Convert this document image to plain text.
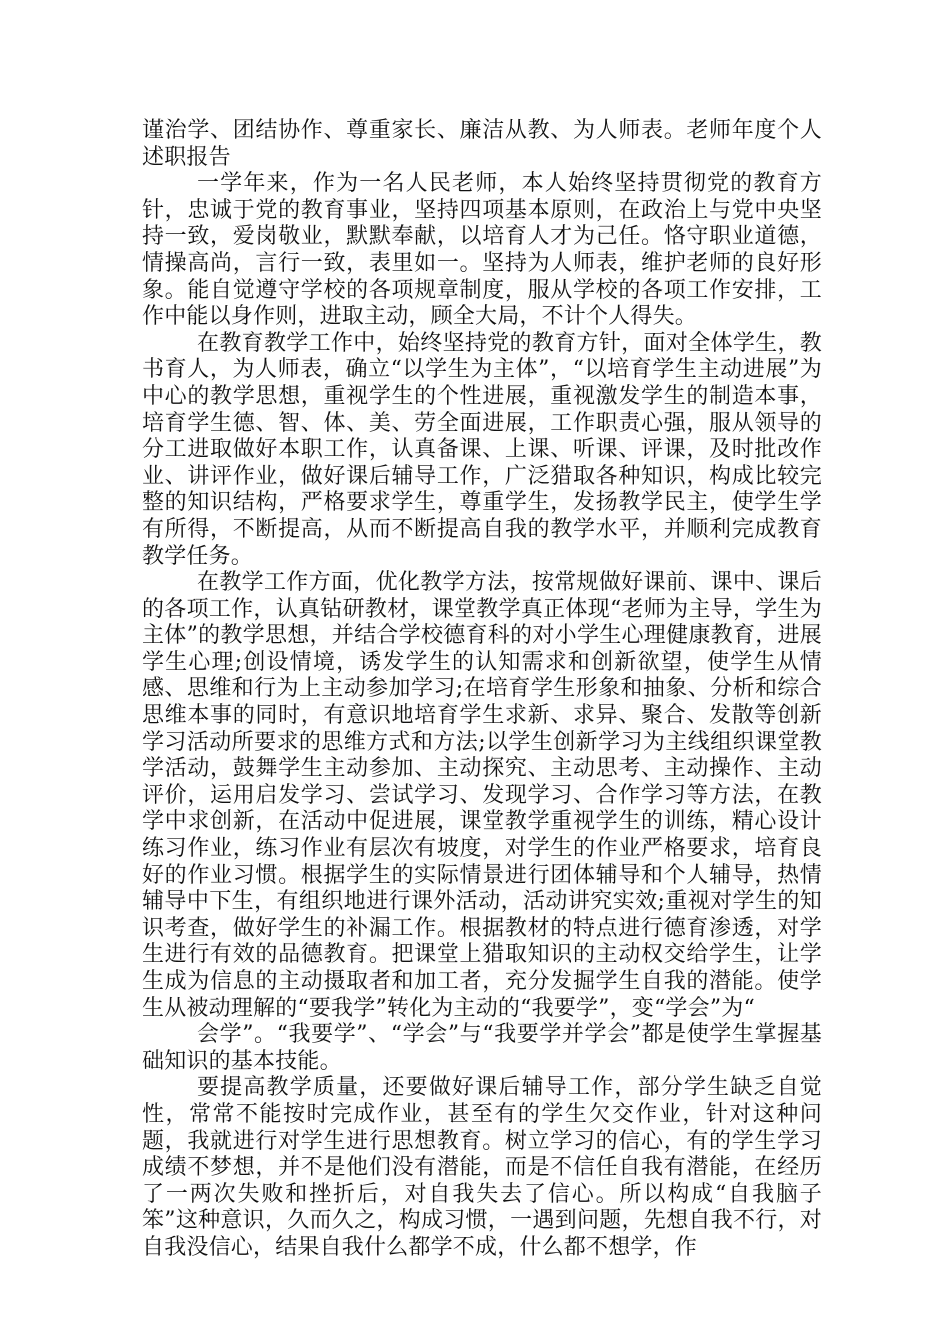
谨治学、团结协作、尊重家长、廉洁从教、为人师表。老师年度个人述职报告

一学年来，作为一名人民老师，本人始终坚持贯彻党的教育方针，忠诚于党的教育事业，坚持四项基本原则，在政治上与党中央坚持一致，爱岗敬业，默默奉献，以培育人才为己任。恪守职业道德，情操高尚，言行一致，表里如一。坚持为人师表，维护老师的良好形象。能自觉遵守学校的各项规章制度，服从学校的各项工作安排，工作中能以身作则，进取主动，顾全大局，不计个人得失。

在教育教学工作中，始终坚持党的教育方针，面对全体学生，教书育人，为人师表，确立“以学生为主体”，“以培育学生主动进展”为中心的教学思想，重视学生的个性进展，重视激发学生的制造本事，培育学生德、智、体、美、劳全面进展，工作职责心强，服从领导的分工进取做好本职工作，认真备课、上课、听课、评课，及时批改作业、讲评作业，做好课后辅导工作，广泛猎取各种知识，构成比较完整的知识结构，严格要求学生，尊重学生，发扬教学民主，使学生学有所得，不断提高，从而不断提高自我的教学水平，并顺利完成教育教学任务。

在教学工作方面，优化教学方法，按常规做好课前、课中、课后的各项工作，认真钻研教材，课堂教学真正体现“老师为主导，学生为主体”的教学思想，并结合学校德育科的对小学生心理健康教育，进展学生心理;创设情境，诱发学生的认知需求和创新欲望，使学生从情感、思维和行为上主动参加学习;在培育学生形象和抽象、分析和综合思维本事的同时，有意识地培育学生求新、求异、聚合、发散等创新学习活动所要求的思维方式和方法;以学生创新学习为主线组织课堂教学活动，鼓舞学生主动参加、主动探究、主动思考、主动操作、主动评价，运用启发学习、尝试学习、发现学习、合作学习等方法，在教学中求创新，在活动中促进展，课堂教学重视学生的训练，精心设计练习作业，练习作业有层次有坡度，对学生的作业严格要求，培育良好的作业习惯。根据学生的实际情景进行团体辅导和个人辅导，热情辅导中下生，有组织地进行课外活动，活动讲究实效;重视对学生的知识考查，做好学生的补漏工作。根据教材的特点进行德育渗透，对学生进行有效的品德教育。把课堂上猎取知识的主动权交给学生，让学生成为信息的主动摄取者和加工者，充分发掘学生自我的潜能。使学生从被动理解的“要我学”转化为主动的“我要学”，变“学会”为“

会学”。“我要学”、“学会”与“我要学并学会”都是使学生掌握基础知识的基本技能。

要提高教学质量，还要做好课后辅导工作，部分学生缺乏自觉性，常常不能按时完成作业，甚至有的学生欠交作业，针对这种问题，我就进行对学生进行思想教育。树立学习的信心，有的学生学习成绩不梦想，并不是他们没有潜能，而是不信任自我有潜能，在经历了一两次失败和挫折后，对自我失去了信心。所以构成“自我脑子笨”这种意识，久而久之，构成习惯，一遇到问题，先想自我不行，对自我没信心，结果自我什么都学不成，什么都不想学，作
